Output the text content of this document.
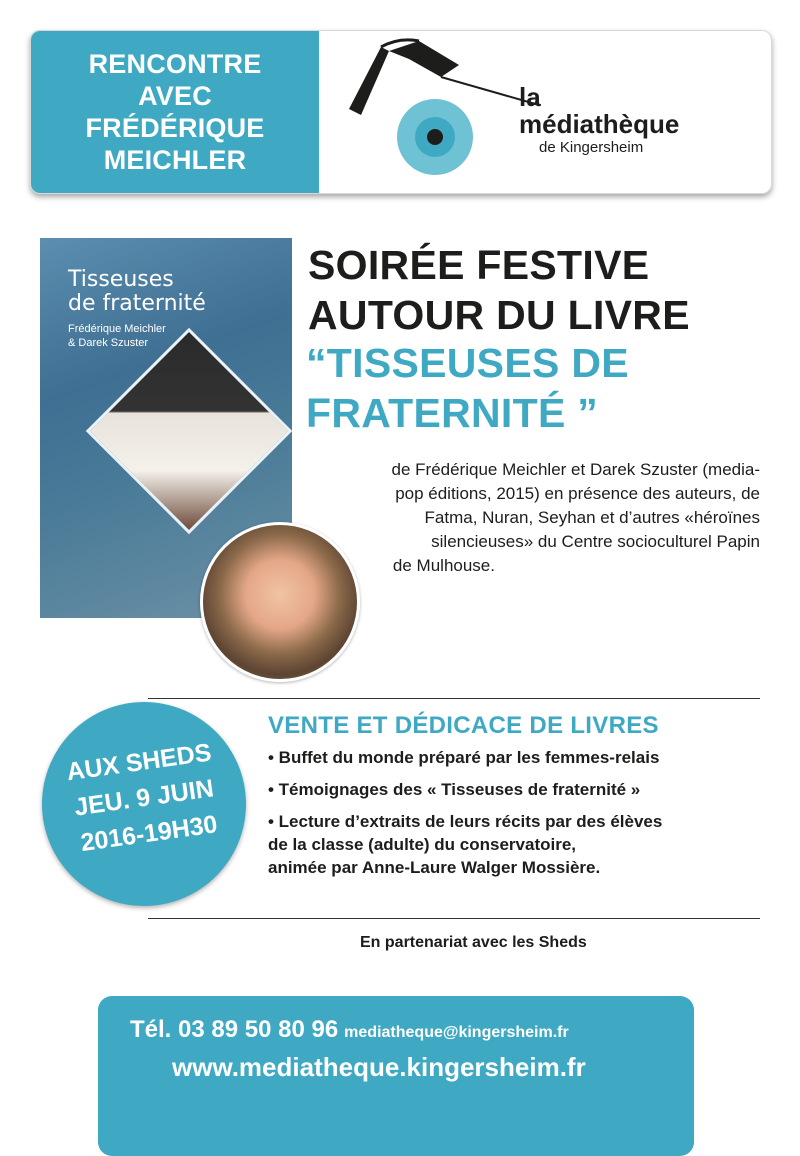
RENCONTRE
AVEC
FRÉDÉRIQUE
MEICHLER
la
médiathèque
de Kingersheim
Tisseuses
de fraternité
Frédérique Meichler
& Darek Szuster
SOIRÉE FESTIVE
AUTOUR DU LIVRE
“TISSEUSES DE
FRATERNITÉ ”
de Frédérique Meichler et Darek Szuster (media-
pop éditions, 2015) en présence des auteurs, de
Fatma, Nuran, Seyhan et d’autres «héroïnes
silencieuses» du Centre socioculturel Papin
de Mulhouse.
AUX SHEDS
JEU. 9 JUIN
2016-19H30
VENTE ET DÉDICACE DE LIVRES
• Buffet du monde préparé par les femmes-relais
• Témoignages des « Tisseuses de fraternité »
• Lecture d’extraits de leurs récits par des élèves
de la classe (adulte) du conservatoire,
animée par Anne-Laure Walger Mossière.
En partenariat avec les Sheds
Tél. 03 89 50 80 96 mediatheque@kingersheim.fr
www.mediatheque.kingersheim.fr
